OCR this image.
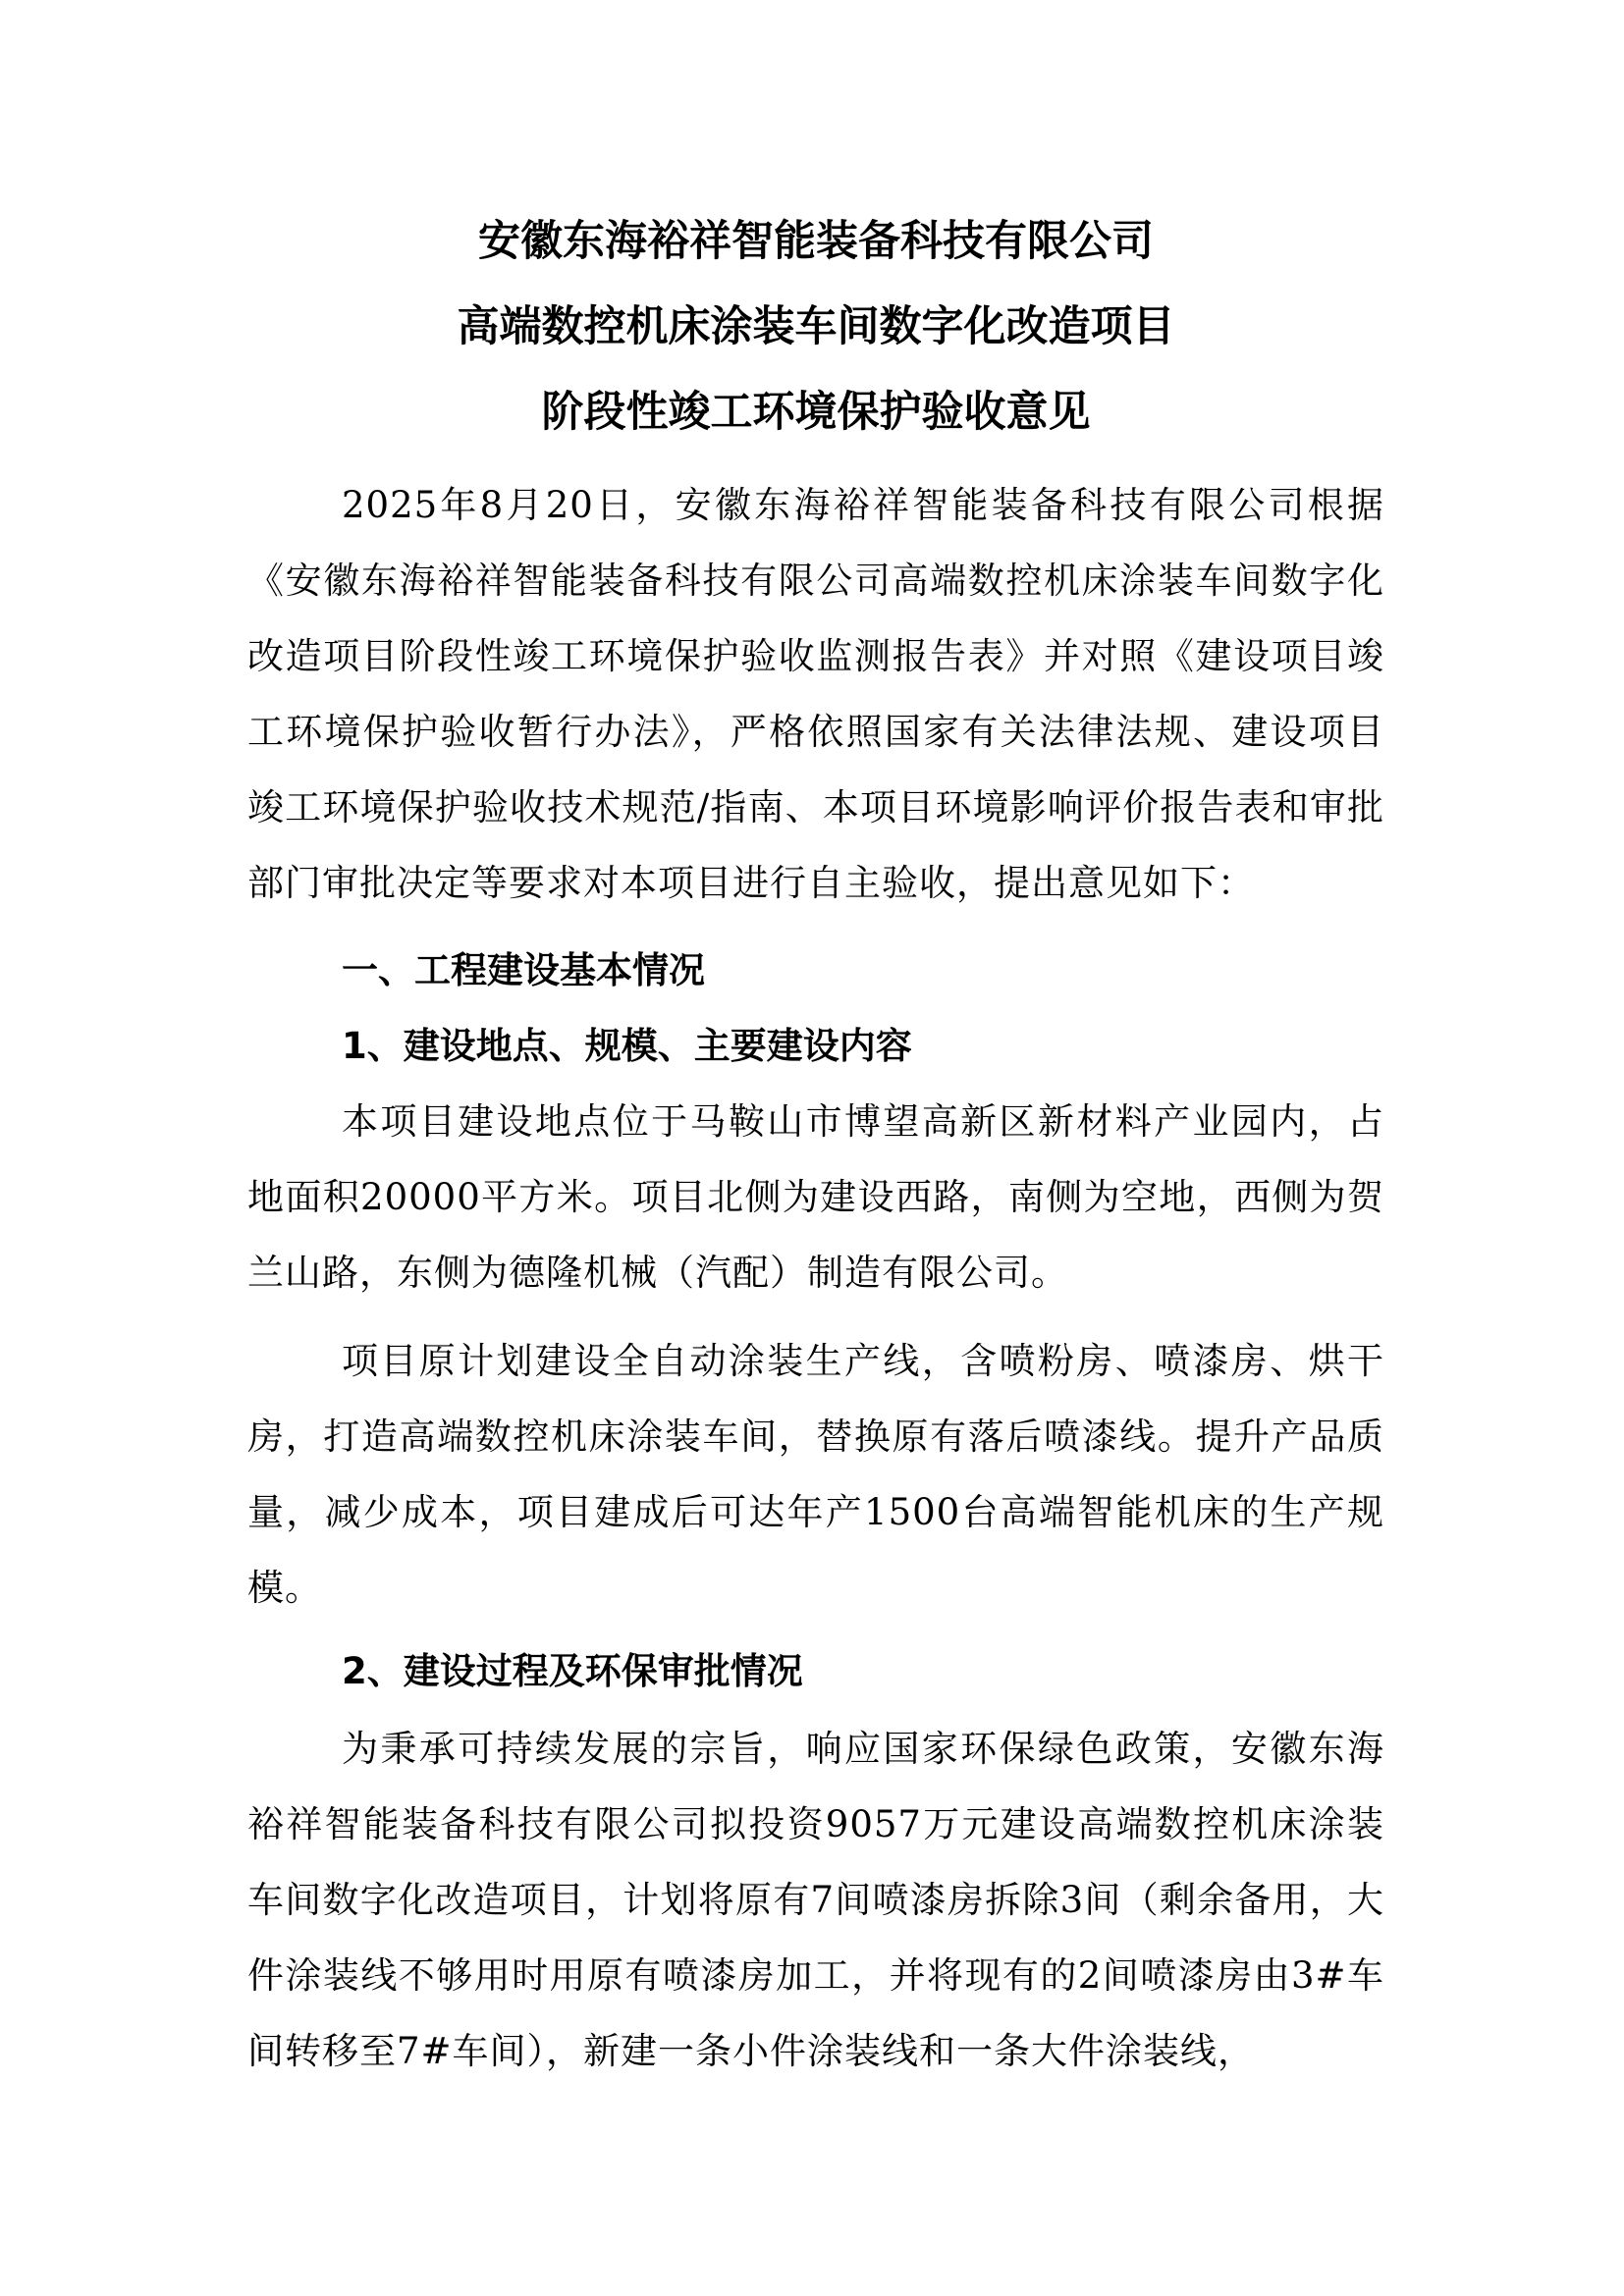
安徽东海裕祥智能装备科技有限公司
高端数控机床涂装车间数字化改造项目
阶段性竣工环境保护验收意见
2025年8月20日，安徽东海裕祥智能装备科技有限公司根据《安徽东海裕祥智能装备科技有限公司高端数控机床涂装车间数字化改造项目阶段性竣工环境保护验收监测报告表》并对照《建设项目竣工环境保护验收暂行办法》，严格依照国家有关法律法规、建设项目竣工环境保护验收技术规范/指南、本项目环境影响评价报告表和审批部门审批决定等要求对本项目进行自主验收，提出意见如下：
一、工程建设基本情况
1、建设地点、规模、主要建设内容
本项目建设地点位于马鞍山市博望高新区新材料产业园内，占地面积20000平方米。项目北侧为建设西路，南侧为空地，西侧为贺兰山路，东侧为德隆机械（汽配）制造有限公司。
项目原计划建设全自动涂装生产线，含喷粉房、喷漆房、烘干房，打造高端数控机床涂装车间，替换原有落后喷漆线。提升产品质量，减少成本，项目建成后可达年产1500台高端智能机床的生产规模。
2、建设过程及环保审批情况
为秉承可持续发展的宗旨，响应国家环保绿色政策，安徽东海裕祥智能装备科技有限公司拟投资9057万元建设高端数控机床涂装车间数字化改造项目，计划将原有7间喷漆房拆除3间（剩余备用，大件涂装线不够用时用原有喷漆房加工，并将现有的2间喷漆房由3#车间转移至7#车间），新建一条小件涂装线和一条大件涂装线，
